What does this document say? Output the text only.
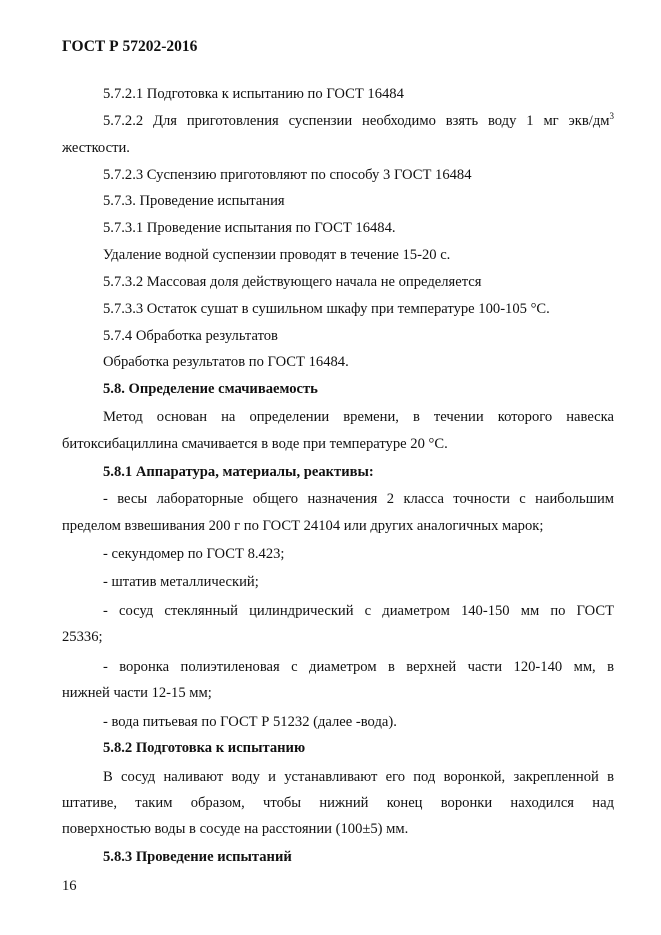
ГОСТ Р 57202-2016
5.7.2.1 Подготовка к испытанию по ГОСТ 16484
5.7.2.2 Для приготовления суспензии необходимо взять воду 1 мг экв/$дм^3$
жесткости.
5.7.2.3 Суспензию приготовляют по способу 3 ГОСТ 16484
5.7.3. Проведение испытания
5.7.3.1 Проведение испытания по ГОСТ 16484.
Удаление водной суспензии проводят в течение 15-20 с.
5.7.3.2 Массовая доля действующего начала не определяется
5.7.3.3 Остаток сушат в сушильном шкафу при температуре 100-105 °С.
5.7.4 Обработка результатов
Обработка результатов по ГОСТ 16484.
5.8. Определение смачиваемость
Метод основан на определении времени, в течении которого навеска
битоксибациллина смачивается в воде при температуре 20 °С.
5.8.1 Аппаратура, материалы, реактивы:
- весы лабораторные общего назначения 2 класса точности с наибольшим
пределом взвешивания 200 г по ГОСТ 24104 или других аналогичных марок;
- секундомер по ГОСТ 8.423;
- штатив металлический;
- сосуд стеклянный цилиндрический с диаметром 140-150 мм по ГОСТ
25336;
- воронка полиэтиленовая с диаметром в верхней части 120-140 мм, в
нижней части 12-15 мм;
- вода питьевая по ГОСТ Р 51232 (далее -вода).
5.8.2 Подготовка к испытанию
В сосуд наливают воду и устанавливают его под воронкой, закрепленной в
штативе, таким образом, чтобы нижний конец воронки находился над
поверхностью воды в сосуде на расстоянии (100±5) мм.
5.8.3 Проведение испытаний
16
